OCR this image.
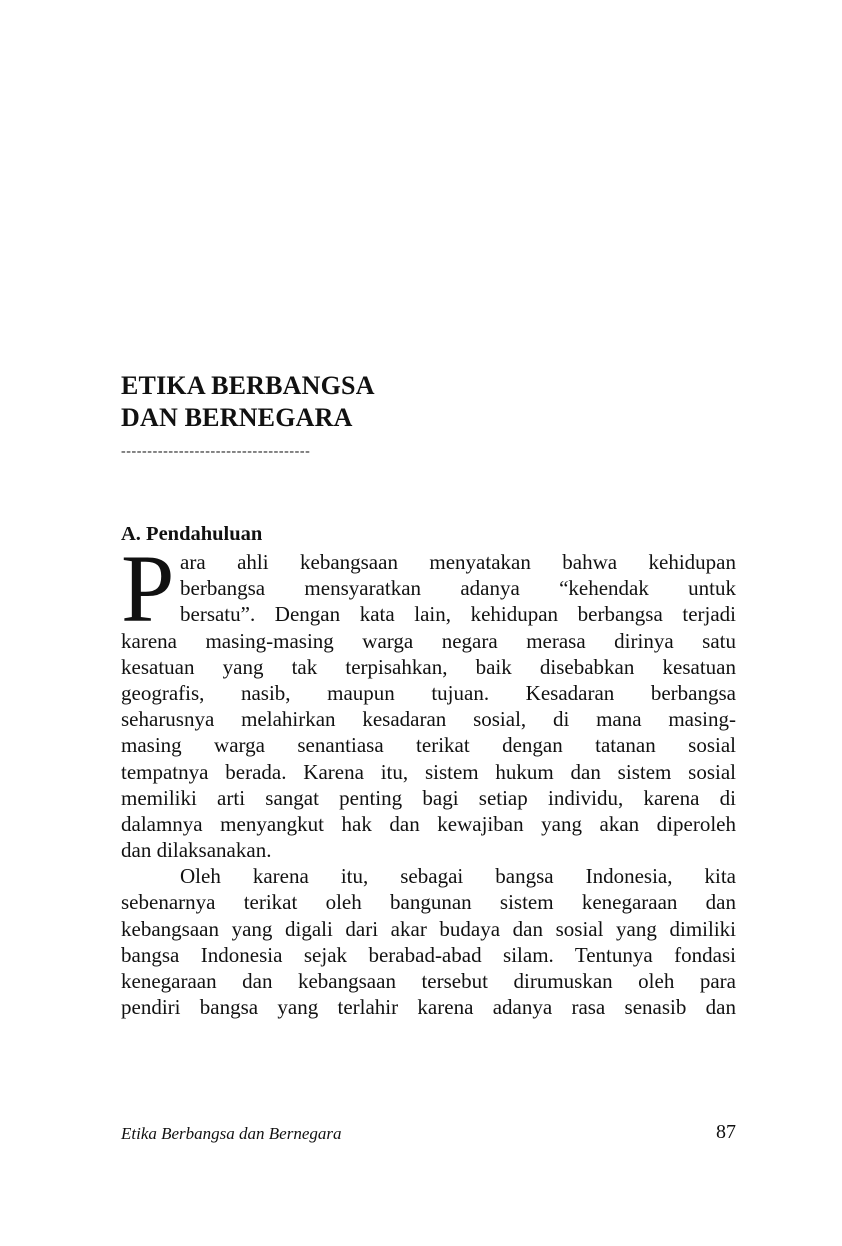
ETIKA BERBANGSA
DAN BERNEGARA
------------------------------------
A. Pendahuluan
P ara ahli kebangsaan menyatakan bahwa kehidupan
berbangsa mensyaratkan adanya “kehendak untuk
bersatu”. Dengan kata lain, kehidupan berbangsa terjadi
karena masing-masing warga negara merasa dirinya satu
kesatuan yang tak terpisahkan, baik disebabkan kesatuan
geografis, nasib, maupun tujuan. Kesadaran berbangsa
seharusnya melahirkan kesadaran sosial, di mana masing-
masing warga senantiasa terikat dengan tatanan sosial
tempatnya berada. Karena itu, sistem hukum dan sistem sosial
memiliki arti sangat penting bagi setiap individu, karena di
dalamnya menyangkut hak dan kewajiban yang akan diperoleh
dan dilaksanakan.
Oleh karena itu, sebagai bangsa Indonesia, kita
sebenarnya terikat oleh bangunan sistem kenegaraan dan
kebangsaan yang digali dari akar budaya dan sosial yang dimiliki
bangsa Indonesia sejak berabad-abad silam. Tentunya fondasi
kenegaraan dan kebangsaan tersebut dirumuskan oleh para
pendiri bangsa yang terlahir karena adanya rasa senasib dan
Etika Berbangsa dan Bernegara	87
